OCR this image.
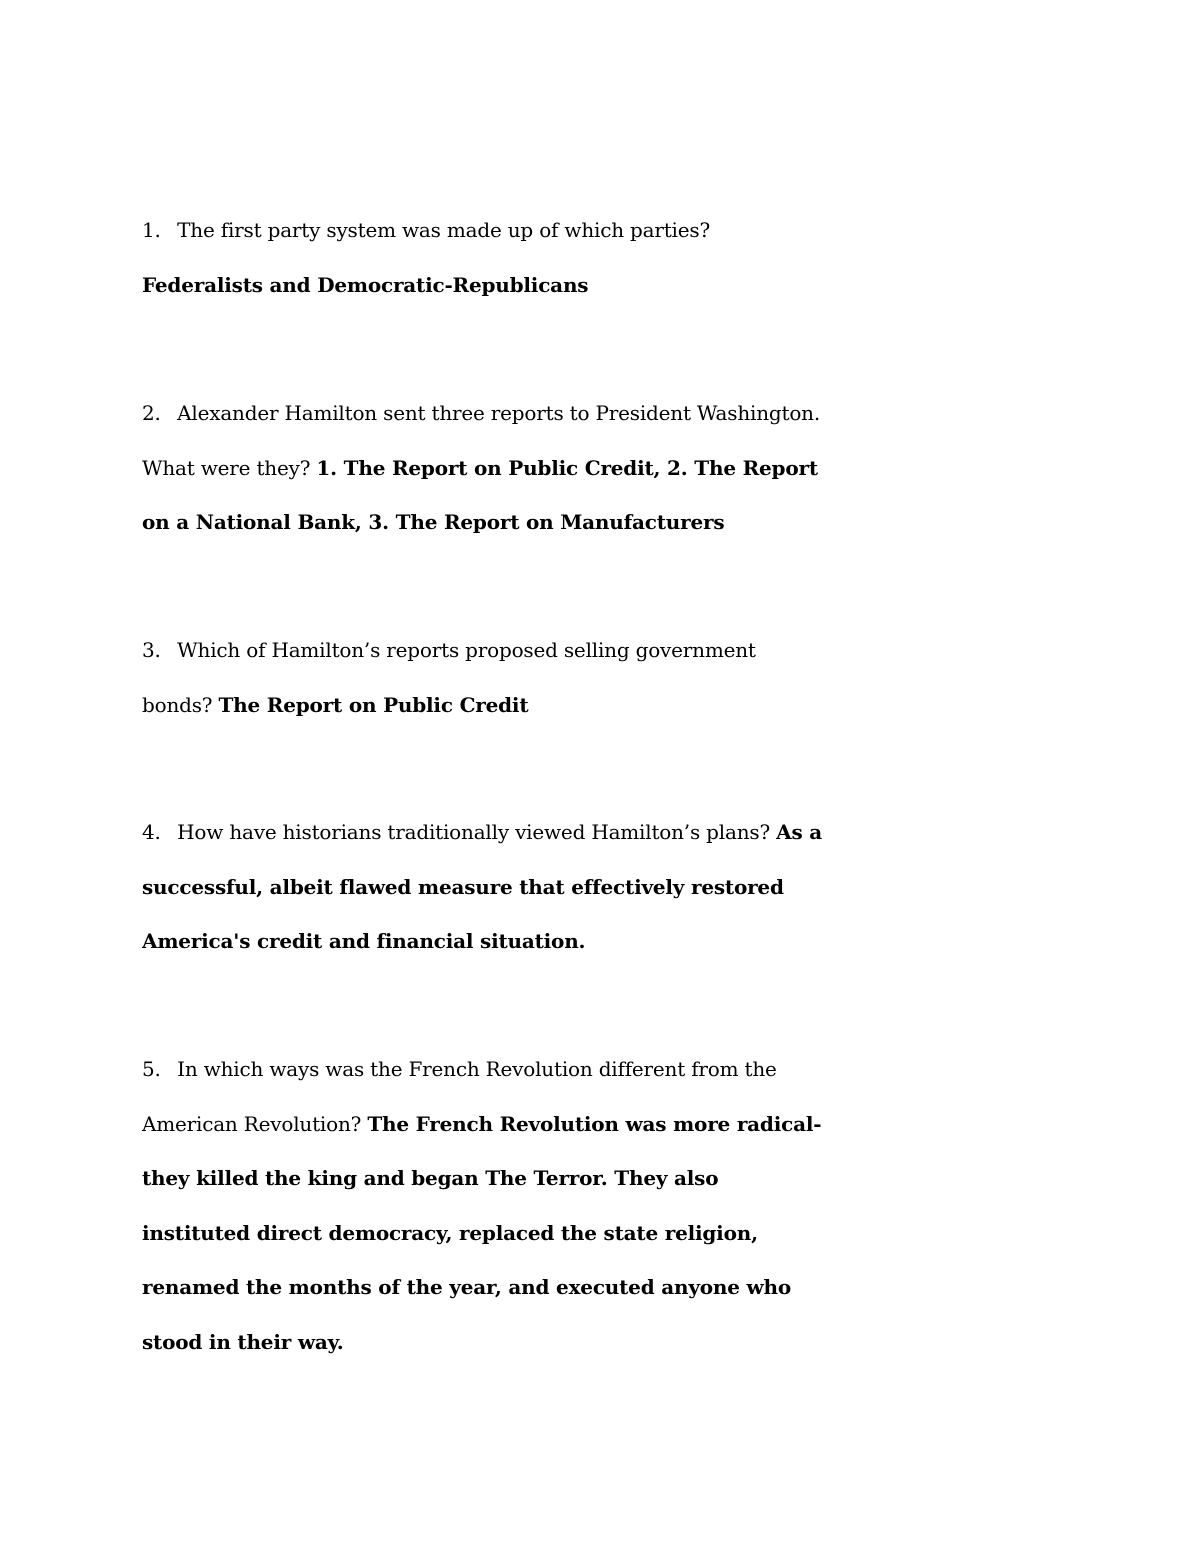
1. The first party system was made up of which parties? Federalists and Democratic-Republicans
2. Alexander Hamilton sent three reports to President Washington. What were they? 1. The Report on Public Credit, 2. The Report on a National Bank, 3. The Report on Manufacturers
3. Which of Hamilton’s reports proposed selling government bonds? The Report on Public Credit
4. How have historians traditionally viewed Hamilton’s plans? As a successful, albeit flawed measure that effectively restored America's credit and financial situation.
5. In which ways was the French Revolution different from the American Revolution? The French Revolution was more radical- they killed the king and began The Terror. They also instituted direct democracy, replaced the state religion, renamed the months of the year, and executed anyone who stood in their way.
